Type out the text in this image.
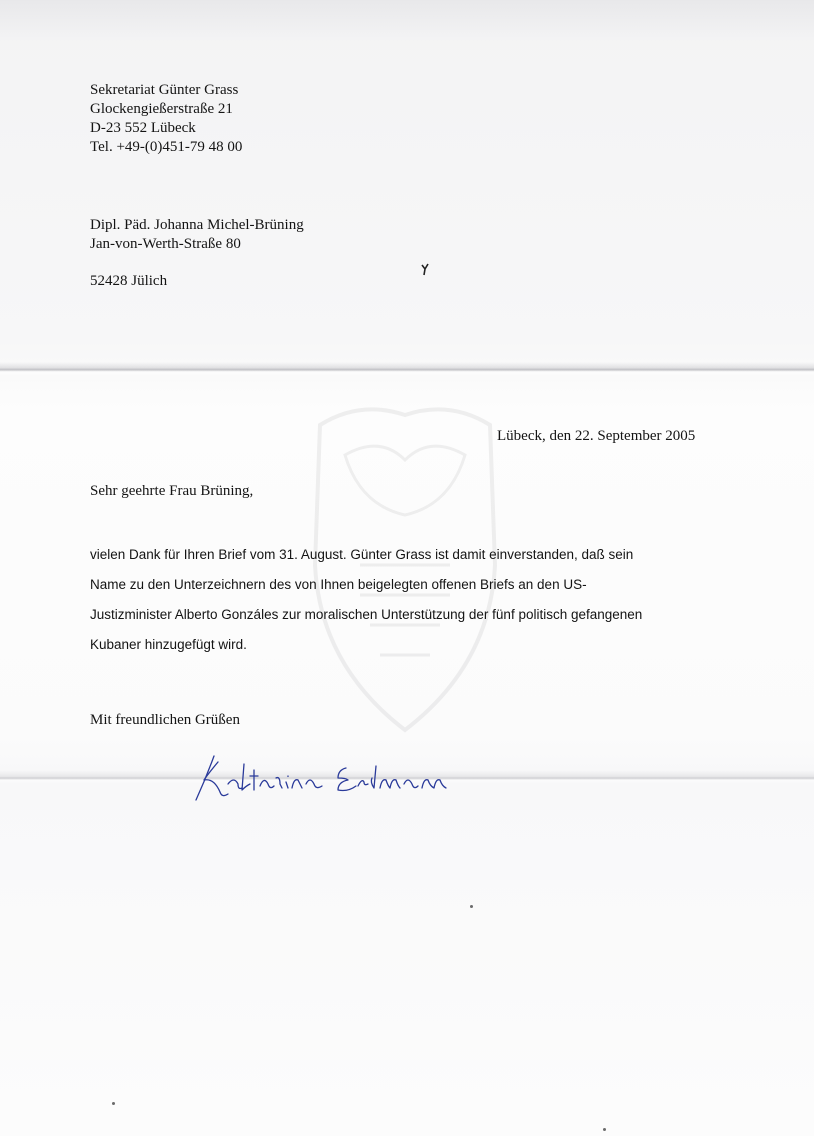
Sekretariat Günter Grass
Glockengießerstraße 21
D-23 552 Lübeck
Tel. +49-(0)451-79 48 00
Dipl. Päd. Johanna Michel-Brüning
Jan-von-Werth-Straße 80
52428 Jülich
Lübeck, den 22. September 2005
Sehr geehrte Frau Brüning,
vielen Dank für Ihren Brief vom 31. August. Günter Grass ist damit einverstanden, daß sein
Name zu den Unterzeichnern des von Ihnen beigelegten offenen Briefs an den US-
Justizminister Alberto Gonzáles zur moralischen Unterstützung der fünf politisch gefangenen
Kubaner hinzugefügt wird.
Mit freundlichen Grüßen
